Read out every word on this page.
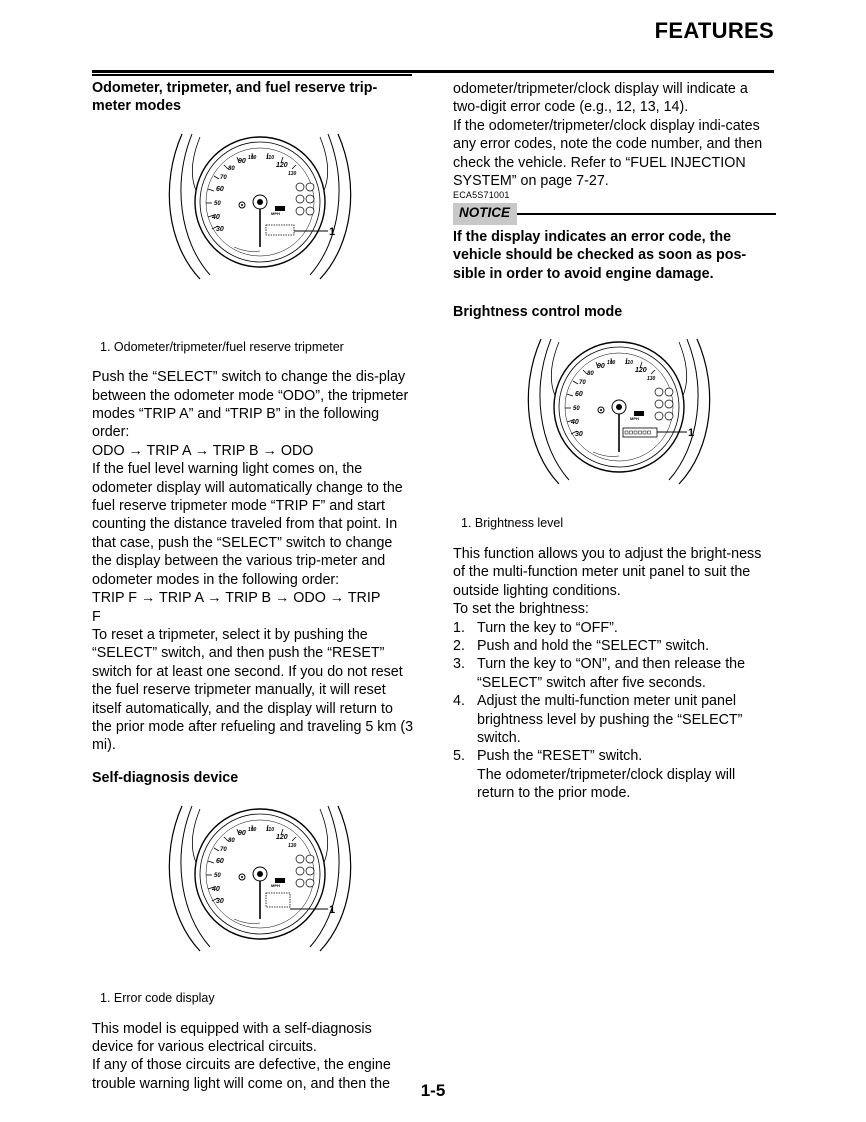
FEATURES
Odometer, tripmeter, and fuel reserve trip-meter modes
30
40
50
60
70
80
90 100 110
120
130
MPH
1
1. Odometer/tripmeter/fuel reserve tripmeter

Push the “SELECT” switch to change the dis-play between the odometer mode “ODO”, the tripmeter modes “TRIP A” and “TRIP B” in the following order:

ODO → TRIP A → TRIP B → ODO

If the fuel level warning light comes on, the odometer display will automatically change to the fuel reserve tripmeter mode “TRIP F” and start counting the distance traveled from that point. In that case, push the “SELECT” switch to change the display between the various trip-meter and odometer modes in the following order:

TRIP F → TRIP A → TRIP B → ODO → TRIP F

To reset a tripmeter, select it by pushing the “SELECT” switch, and then push the “RESET” switch for at least one second. If you do not reset the fuel reserve tripmeter manually, it will reset itself automatically, and the display will return to the prior mode after refueling and traveling 5 km (3 mi).

Self-diagnosis device
30
40
50
60
70
80
90 100 110
120
130
MPH
1
1. Error code display

This model is equipped with a self-diagnosis device for various electrical circuits.

If any of those circuits are defective, the engine trouble warning light will come on, and then the

odometer/tripmeter/clock display will indicate a two-digit error code (e.g., 12, 13, 14).

If the odometer/tripmeter/clock display indi-cates any error codes, note the code number, and then check the vehicle. Refer to “FUEL INJECTION SYSTEM” on page 7-27.

ECA5S71001
NOTICE
If the display indicates an error code, the vehicle should be checked as soon as pos-sible in order to avoid engine damage.
Brightness control mode
30
40
50
60
70
80
90 100 110
120
130
MPH
1
1. Brightness level

This function allows you to adjust the bright-ness of the multi-function meter unit panel to suit the outside lighting conditions.

To set the brightness:

1. Turn the key to “OFF”.
2. Push and hold the “SELECT” switch.
3. Turn the key to “ON”, and then release the “SELECT” switch after five seconds.
4. Adjust the multi-function meter unit panel brightness level by pushing the “SELECT” switch.
5. Push the “RESET” switch.

The odometer/tripmeter/clock display will return to the prior mode.

1-5
